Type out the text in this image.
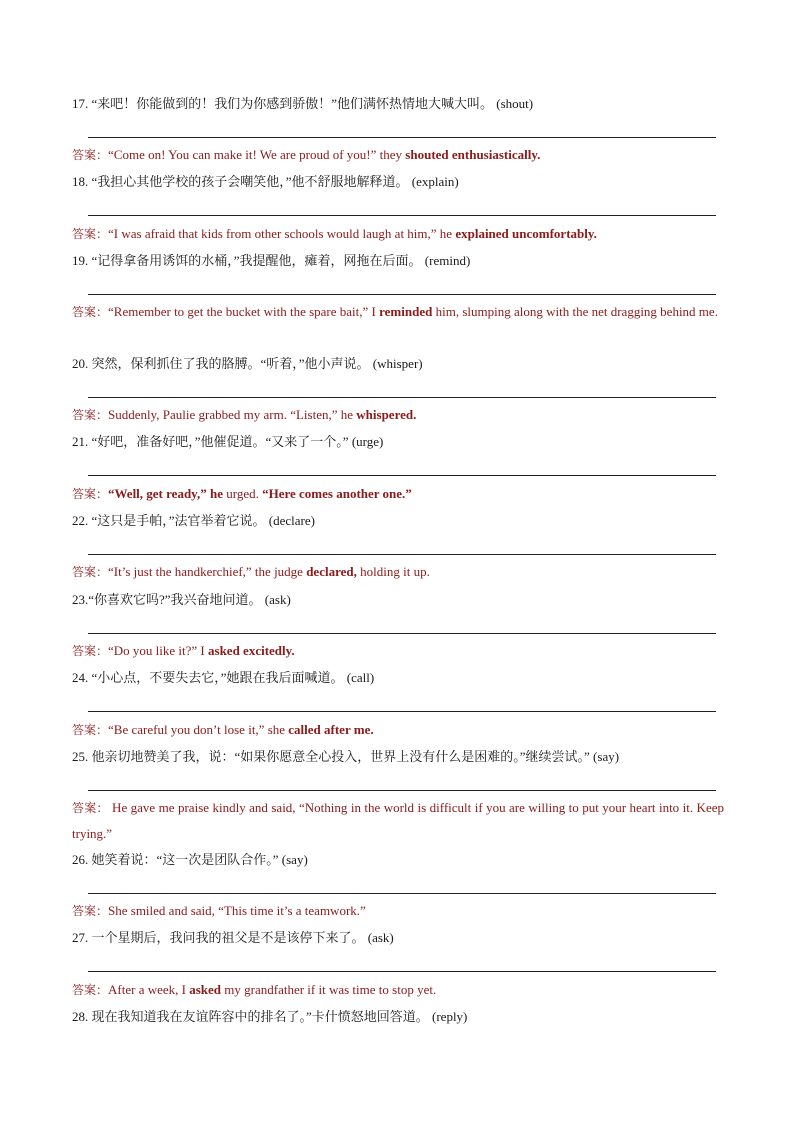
17. “来吧！你能做到的！我们为你感到骄傲！”他们满怀热情地大喊大叫。 (shout)
答案：“Come on! You can make it! We are proud of you!” they shouted enthusiastically.
18. “我担心其他学校的孩子会嘲笑他，”他不舒服地解释道。 (explain)
答案：“I was afraid that kids from other schools would laugh at him,” he explained uncomfortably.
19. “记得拿备用诱饵的水桶，”我提醒他，瘫着，网拖在后面。 (remind)
答案：“Remember to get the bucket with the spare bait,” I reminded him, slumping along with the net dragging behind me.
20. 突然，保利抓住了我的胳膊。“听着，”他小声说。 (whisper)
答案：Suddenly, Paulie grabbed my arm. “Listen,” he whispered.
21. “好吧，准备好吧，”他催促道。“又来了一个。” (urge)
答案：“Well, get ready,” he urged. “Here comes another one.”
22. “这只是手帕，”法官举着它说。 (declare)
答案：“It’s just the handkerchief,” the judge declared, holding it up.
23.“你喜欢它吗?”我兴奋地问道。 (ask)
答案：“Do you like it?” I asked excitedly.
24. “小心点，不要失去它，”她跟在我后面喊道。 (call)
答案：“Be careful you don’t lose it,” she called after me.
25. 他亲切地赞美了我，说：“如果你愿意全心投入，世界上没有什么是困难的。”继续尝试。” (say)
答案： He gave me praise kindly and said, “Nothing in the world is difficult if you are willing to put your heart into it. Keep trying.”
26. 她笑着说：“这一次是团队合作。” (say)
答案：She smiled and said, “This time it’s a teamwork.”
27. 一个星期后，我问我的祖父是不是该停下来了。 (ask)
答案：After a week, I asked my grandfather if it was time to stop yet.
28. 现在我知道我在友谊阵容中的排名了。”卡什愤怒地回答道。 (reply)
